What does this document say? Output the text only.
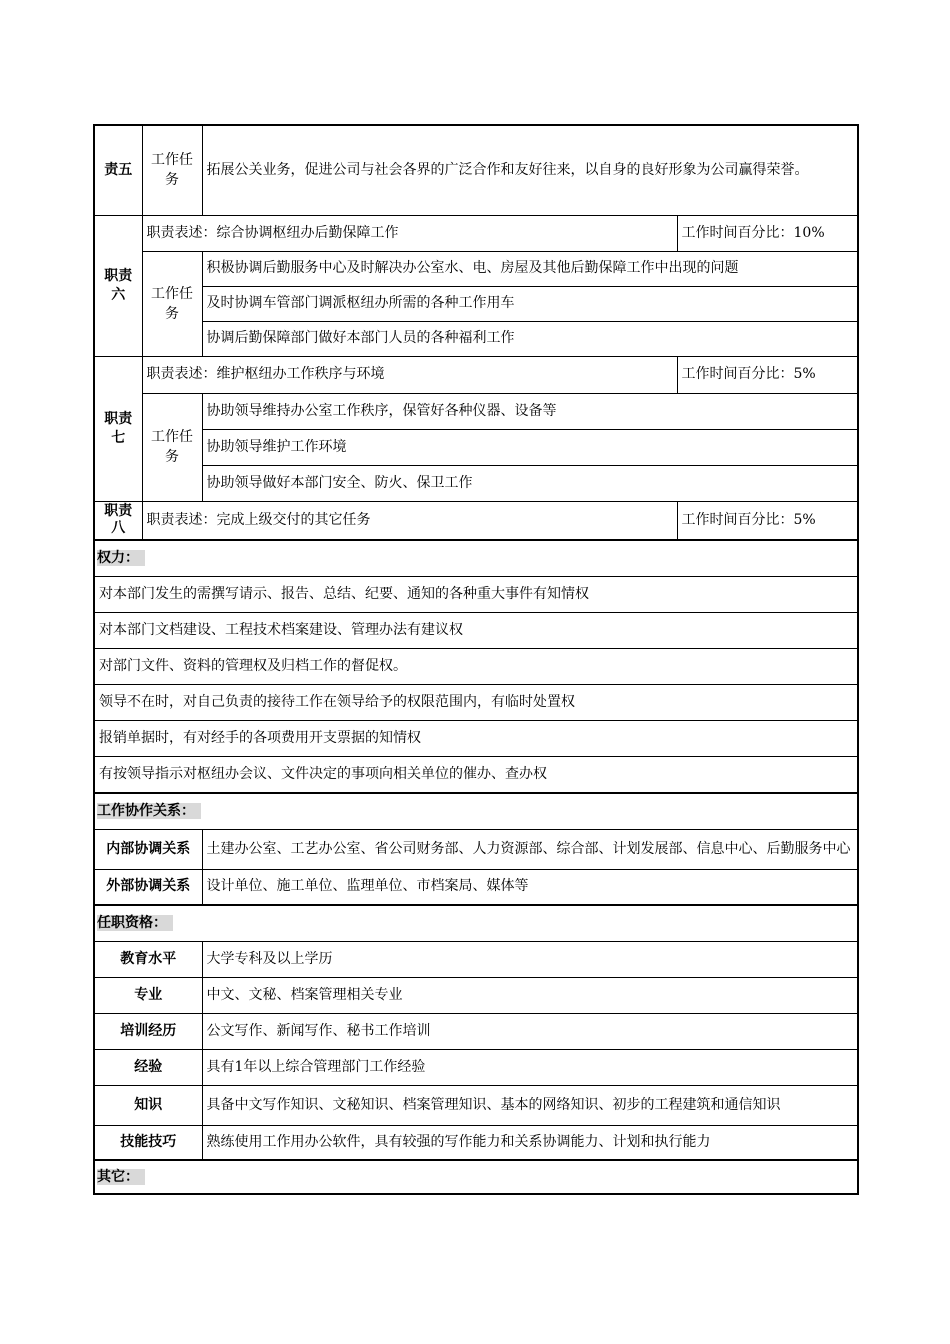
责五	工作任务	拓展公关业务，促进公司与社会各界的广泛合作和友好往来，以自身的良好形象为公司赢得荣誉。	
职责六	职责表述：综合协调枢纽办后勤保障工作		工作时间百分比：10%
	工作任务	积极协调后勤服务中心及时解决办公室水、电、房屋及其他后勤保障工作中出现的问题	
		及时协调车管部门调派枢纽办所需的各种工作用车	
		协调后勤保障部门做好本部门人员的各种福利工作	
职责七	职责表述：维护枢纽办工作秩序与环境		工作时间百分比：5%
	工作任务	协助领导维持办公室工作秩序，保管好各种仪器、设备等	
		协助领导维护工作环境	
		协助领导做好本部门安全、防火、保卫工作	
职责八	职责表述：完成上级交付的其它任务		工作时间百分比：5%
权力：			
对本部门发生的需撰写请示、报告、总结、纪要、通知的各种重大事件有知情权			
对本部门文档建设、工程技术档案建设、管理办法有建议权			
对部门文件、资料的管理权及归档工作的督促权。			
领导不在时，对自己负责的接待工作在领导给予的权限范围内，有临时处置权			
报销单据时，有对经手的各项费用开支票据的知情权			
有按领导指示对枢纽办会议、文件决定的事项向相关单位的催办、查办权			
工作协作关系：			
内部协调关系		土建办公室、工艺办公室、省公司财务部、人力资源部、综合部、计划发展部、信息中心、后勤服务中心	
外部协调关系		设计单位、施工单位、监理单位、市档案局、媒体等	
任职资格：			
教育水平		大学专科及以上学历	
专业		中文、文秘、档案管理相关专业	
培训经历		公文写作、新闻写作、秘书工作培训	
经验		具有1年以上综合管理部门工作经验	
知识		具备中文写作知识、文秘知识、档案管理知识、基本的网络知识、初步的工程建筑和通信知识	
技能技巧		熟练使用工作用办公软件，具有较强的写作能力和关系协调能力、计划和执行能力	
其它：			
